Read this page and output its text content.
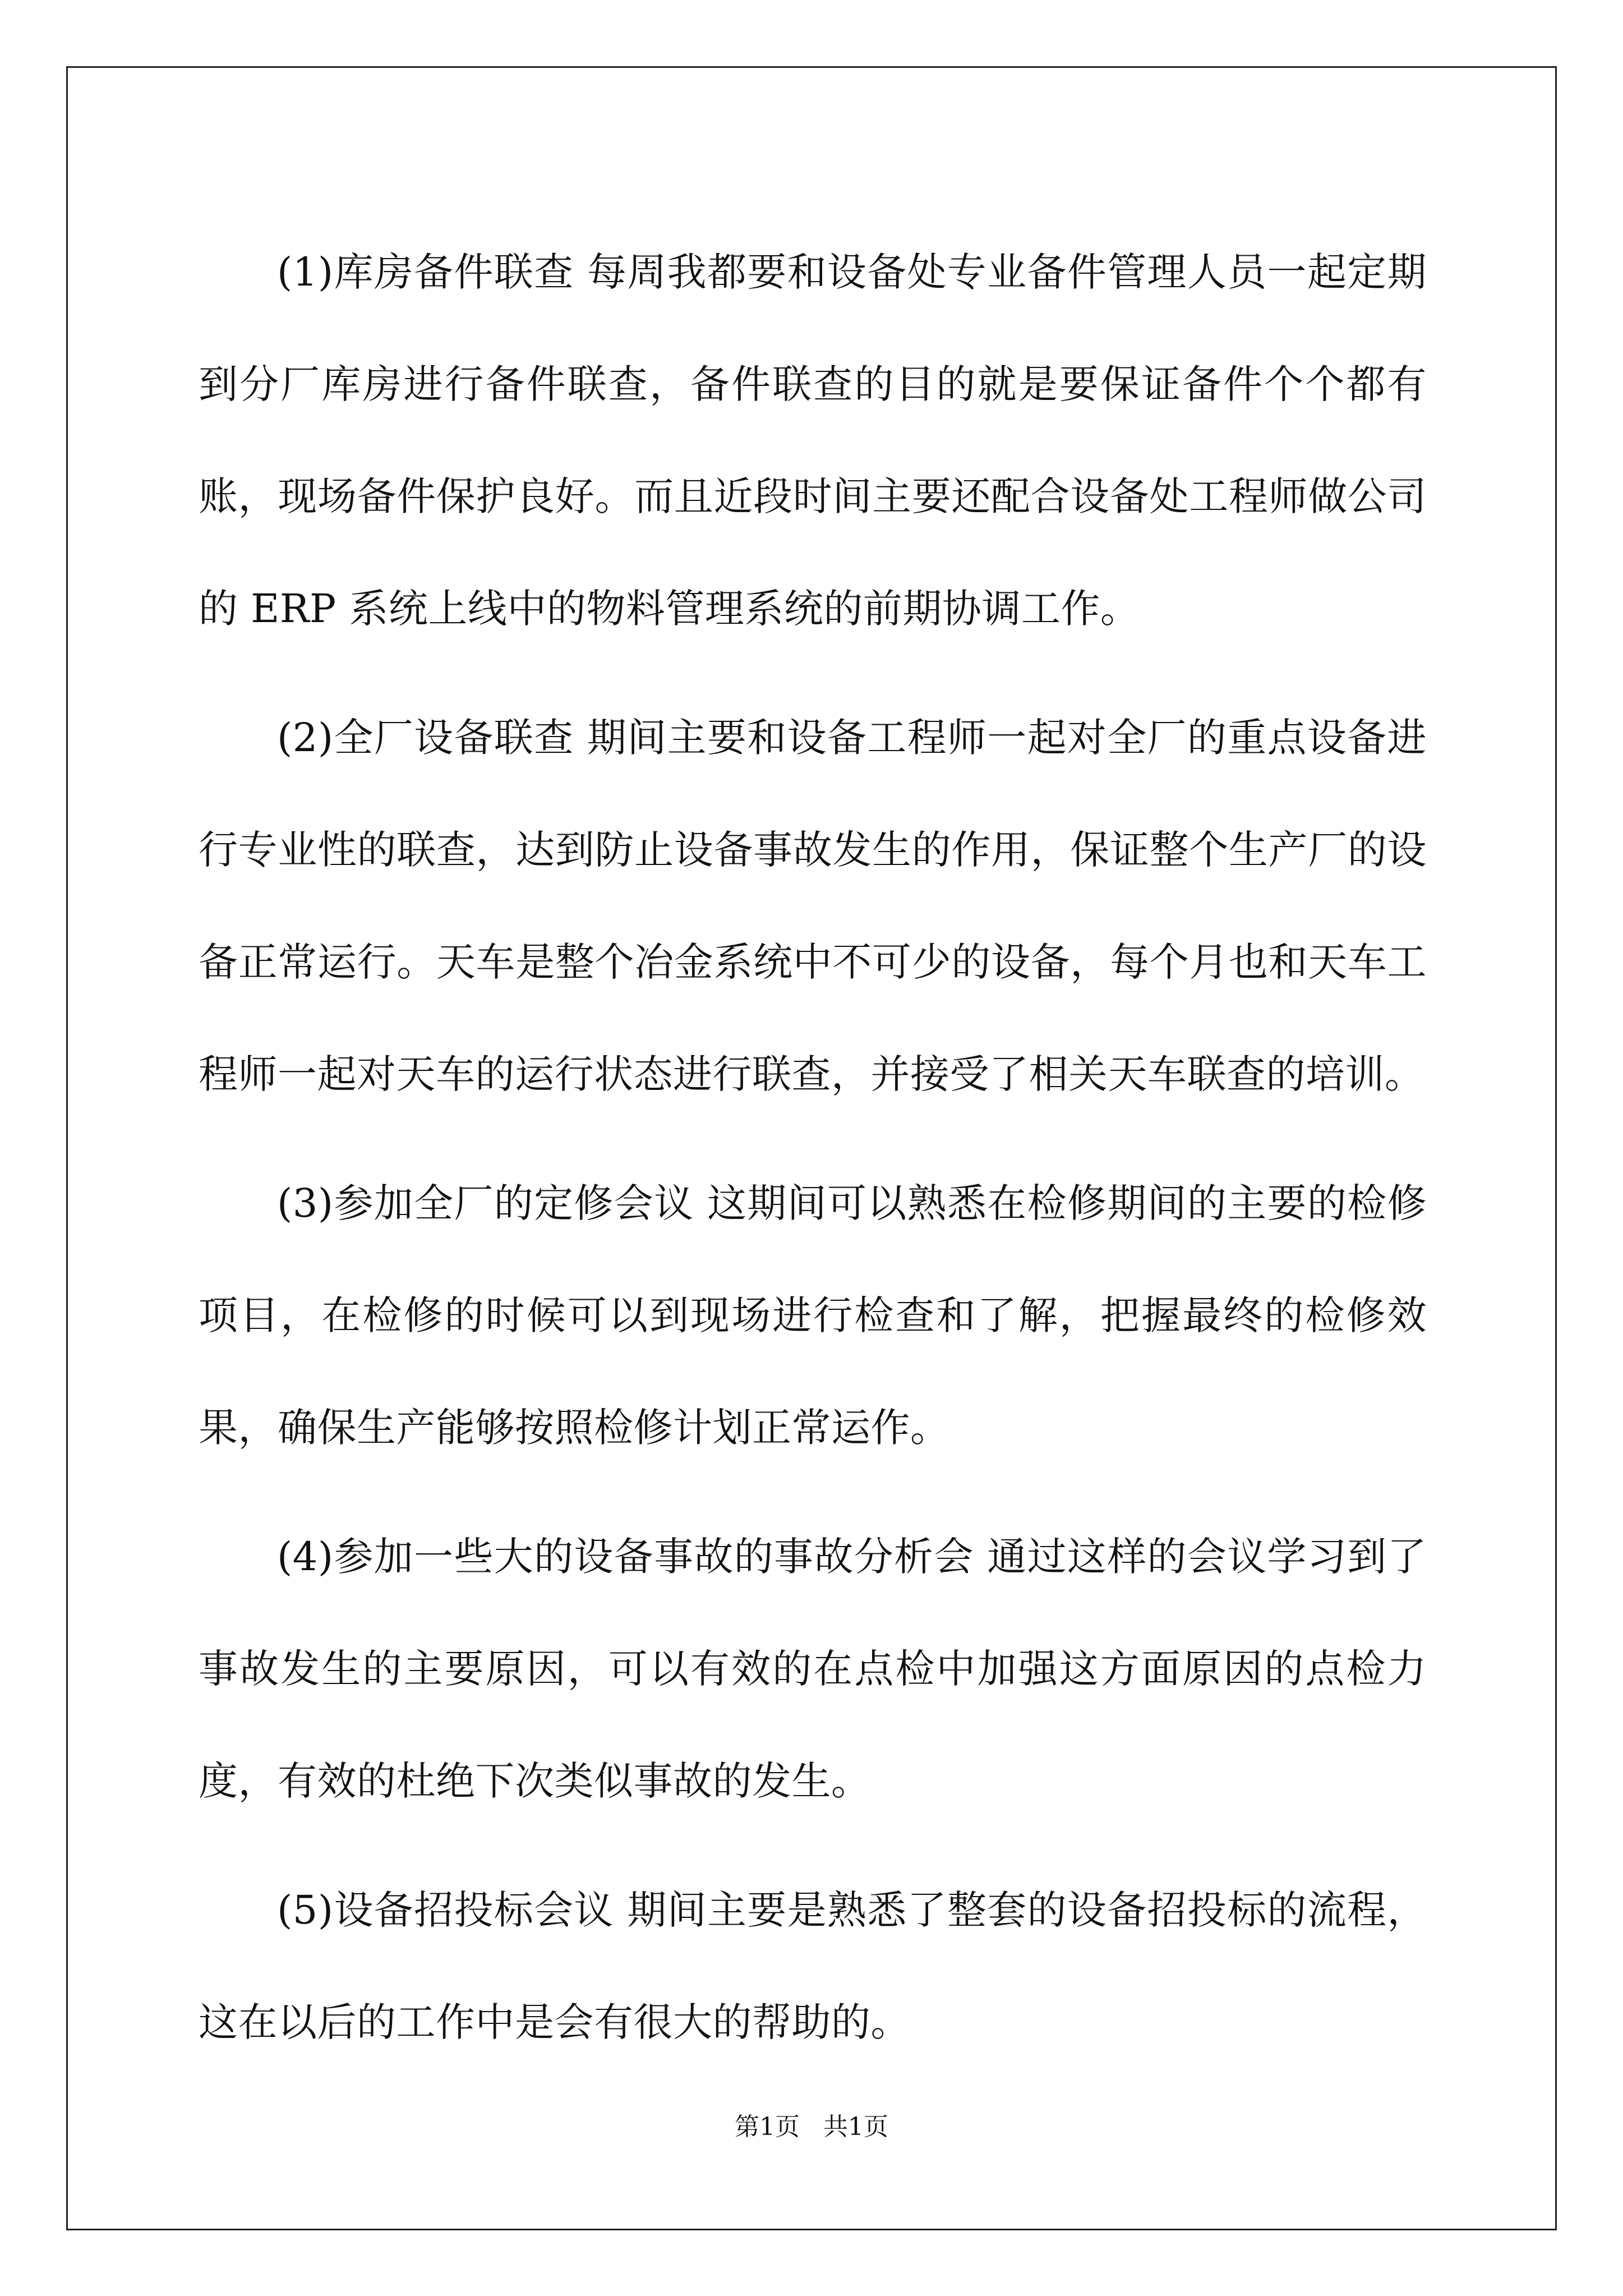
(1)库房备件联查 每周我都要和设备处专业备件管理人员一起定期到分厂库房进行备件联查，备件联查的目的就是要保证备件个个都有账，现场备件保护良好。而且近段时间主要还配合设备处工程师做公司的 ERP 系统上线中的物料管理系统的前期协调工作。

(2)全厂设备联查 期间主要和设备工程师一起对全厂的重点设备进行专业性的联查，达到防止设备事故发生的作用，保证整个生产厂的设备正常运行。天车是整个冶金系统中不可少的设备，每个月也和天车工程师一起对天车的运行状态进行联查，并接受了相关天车联查的培训。

(3)参加全厂的定修会议 这期间可以熟悉在检修期间的主要的检修项目，在检修的时候可以到现场进行检查和了解，把握最终的检修效果，确保生产能够按照检修计划正常运作。

(4)参加一些大的设备事故的事故分析会 通过这样的会议学习到了事故发生的主要原因，可以有效的在点检中加强这方面原因的点检力度，有效的杜绝下次类似事故的发生。

(5)设备招投标会议 期间主要是熟悉了整套的设备招投标的流程，这在以后的工作中是会有很大的帮助的。

第1页   共1页
